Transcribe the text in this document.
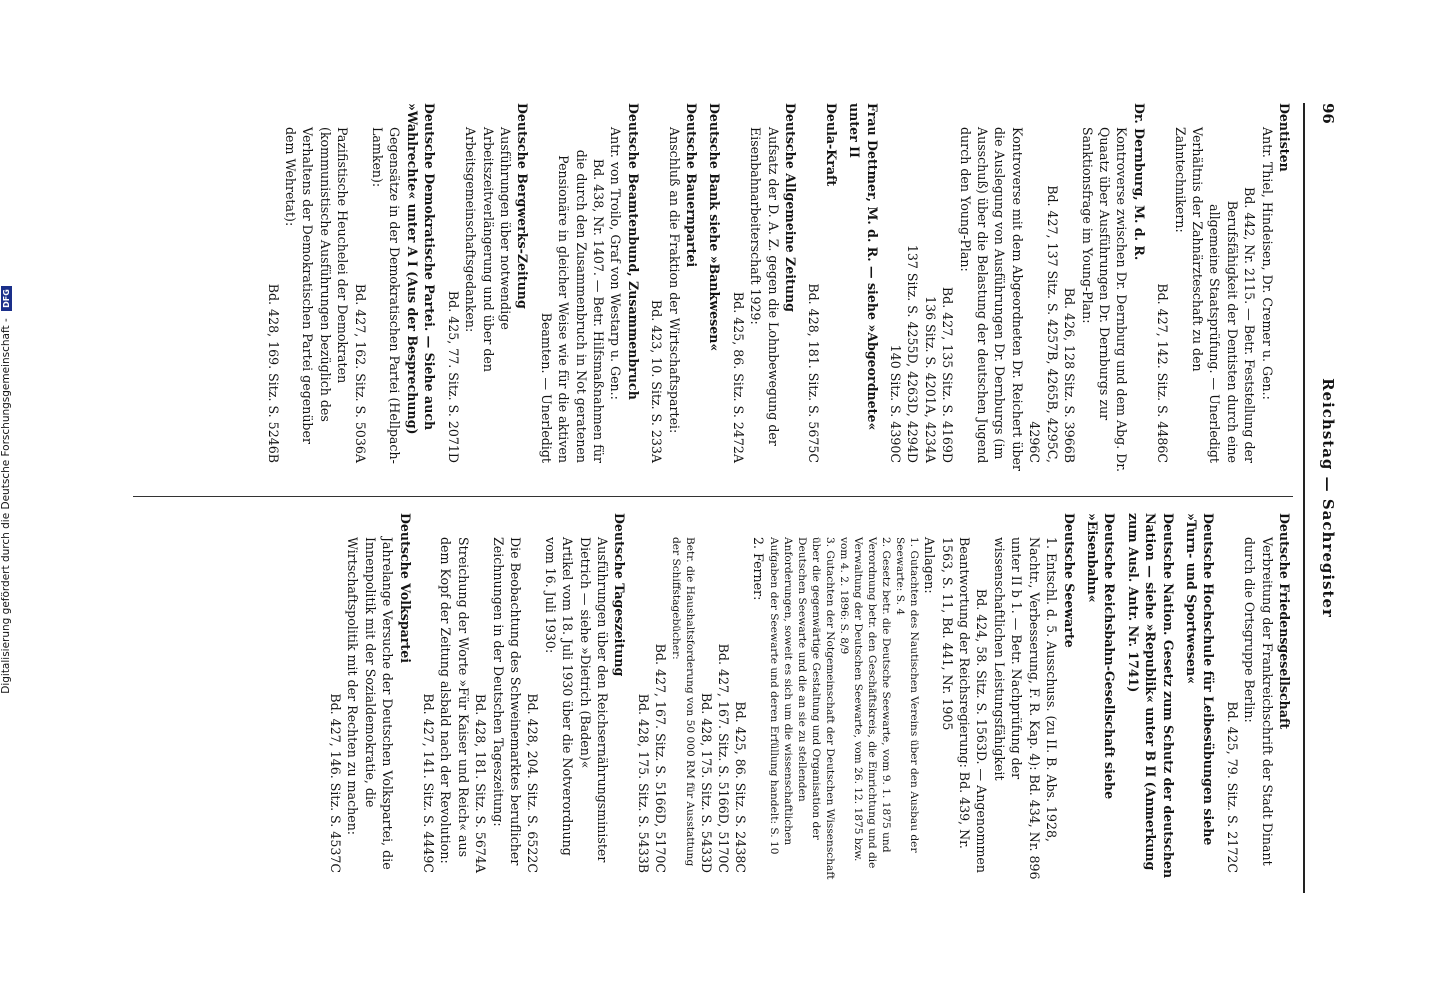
Digitalisierung gefördert durch die Deutsche Forschungsgemeinschaft - DFG
96
Reichstag — Sachregister
Dentisten
Antr. Thiel, Hindeisen, Dr. Cremer u. Gen.:
Bd. 442, Nr. 2115. — Betr. Feststellung der Berufsfähigkeit der Dentisten durch eine allgemeine Staatsprüfung. — Unerledigt
Verhältnis der Zahnärzteschaft zu den Zahntechnikern:
Bd. 427, 142. Sitz. S. 4486C
Dr. Dernburg, M. d. R.
Kontroverse zwischen Dr. Dernburg und dem Abg. Dr. Quaatz über Ausführungen Dr. Dernburgs zur Sanktionsfrage im Young-Plan:
Bd. 426, 128 Sitz. S. 3966B
Bd. 427, 137 Sitz. S. 4257B, 4265B, 4295C, 4296C
Kontroverse mit dem Abgeordneten Dr. Reichert über die Auslegung von Ausführungen Dr. Dernburgs (im Ausschuß) über die Belastung der deutschen Jugend durch den Young-Plan:
Bd. 427, 135 Sitz. S. 4169D
136 Sitz. S. 4201A, 4234A
137 Sitz. S. 4255D, 4263D, 4294D
140 Sitz. S. 4390C
Frau Dettmer, M. d. R. — siehe »Abgeordnete« unter II
Deula-Kraft
Bd. 428, 181. Sitz. S. 5675C
Deutsche Allgemeine Zeitung
Aufsatz der D. A. Z. gegen die Lohnbewegung der Eisenbahnarbeiterschaft 1929:
Bd. 425, 86. Sitz. S. 2472A
Deutsche Bank siehe »Bankwesen«
Deutsche Bauernpartei
Anschluß an die Fraktion der Wirtschaftspartei:
Bd. 423, 10. Sitz. S. 233A
Deutsche Beamtenbund, Zusammenbruch
Antr. von Troilo, Graf von Westarp u. Gen.:
Bd. 438, Nr. 1407. — Betr. Hilfsmaßnahmen für die durch den Zusammenbruch in Not geratenen Pensionäre in gleicher Weise wie für die aktiven Beamten. — Unerledigt
Deutsche Bergwerks-Zeitung
Ausführungen über notwendige Arbeitszeitverlängerung und über den Arbeitsgemeinschaftsgedanken:
Bd. 425, 77. Sitz. S. 2071D
Deutsche Demokratische Partei. — Siehe auch »Wahlrechte« unter A I (Aus der Besprechung)
Gegensätze in der Demokratischen Partei (Hellpach-Lamken):
Bd. 427, 162. Sitz. S. 5036A
Pazifistische Heuchelei der Demokraten (kommunistische Ausführungen bezüglich des Verhaltens der Demokratischen Partei gegenüber dem Wehretat):
Bd. 428, 169. Sitz. S. 5246B
Deutsche Friedensgesellschaft
Verbreitung der Frankreichschrift der Stadt Dinant durch die Ortsgruppe Berlin:
Bd. 425, 79. Sitz. S. 2172C
Deutsche Hochschule für Leibesübungen siehe »Turn- und Sportwesen«
Deutsche Nation. Gesetz zum Schutz der deutschen Nation — siehe »Republik« unter B II (Anmerkung zum Ausl. Antr. Nr. 1741)
Deutsche Reichsbahn-Gesellschaft siehe »Eisenbahn«
Deutsche Seewarte
1. Entschl. d. 5. Ausschuss. (zu II. B. Abs. 1928, Nachtr., Verbesserung, F. R. Kap. 4): Bd. 434, Nr. 896 unter II b 1. — Betr. Nachprüfung der wissenschaftlichen Leistungsfähigkeit
Bd. 424, 58. Sitz. S. 1563D. — Angenommen
Beantwortung der Reichsregierung: Bd. 439, Nr. 1563, S. 11, Bd. 441, Nr. 1905
Anlagen:
1. Gutachten des Nautischen Vereins über den Ausbau der Seewarte: S. 4
2. Gesetz betr. die Deutsche Seewarte, vom 9. 1. 1875 und Verordnung betr. den Geschäftskreis, die Einrichtung und die Verwaltung der Deutschen Seewarte, vom 26. 12. 1875 bzw. vom 4. 2. 1896: S. 8/9
3. Gutachten der Notgemeinschaft der Deutschen Wissenschaft über die gegenwärtige Gestaltung und Organisation der Deutschen Seewarte und die an sie zu stellenden Anforderungen, soweit es sich um die wissenschaftlichen Aufgaben der Seewarte und deren Erfüllung handelt: S. 10
2. Ferner:
Bd. 425, 86. Sitz. S. 2438C
Bd. 427, 167. Sitz. S. 5166D, 5170C
Bd. 428, 175. Sitz. S. 5433D
Betr. die Haushaltsforderung von 50 000 RM für Ausstattung der Schiffstagebücher:
Bd. 427, 167. Sitz. S. 5166D, 5170C
Bd. 428, 175. Sitz. S. 5433B
Deutsche Tageszeitung
Ausführungen über den Reichsernährungsminister Dietrich — siehe »Dietrich (Baden)«
Artikel vom 18. Juli 1930 über die Notverordnung vom 16. Juli 1930:
Bd. 428, 204. Sitz. S. 6522C
Die Beobachtung des Schweinemarktes beruflicher Zeichnungen in der Deutschen Tageszeitung:
Bd. 428, 181. Sitz. S. 5674A
Streichung der Worte »Für Kaiser und Reich« aus dem Kopf der Zeitung alsbald nach der Revolution:
Bd. 427, 141. Sitz. S. 4449C
Deutsche Volkspartei
Jahrelange Versuche der Deutschen Volkspartei, die Innenpolitik mit der Sozialdemokratie, die Wirtschaftspolitik mit der Rechten zu machen:
Bd. 427, 146. Sitz. S. 4537C
